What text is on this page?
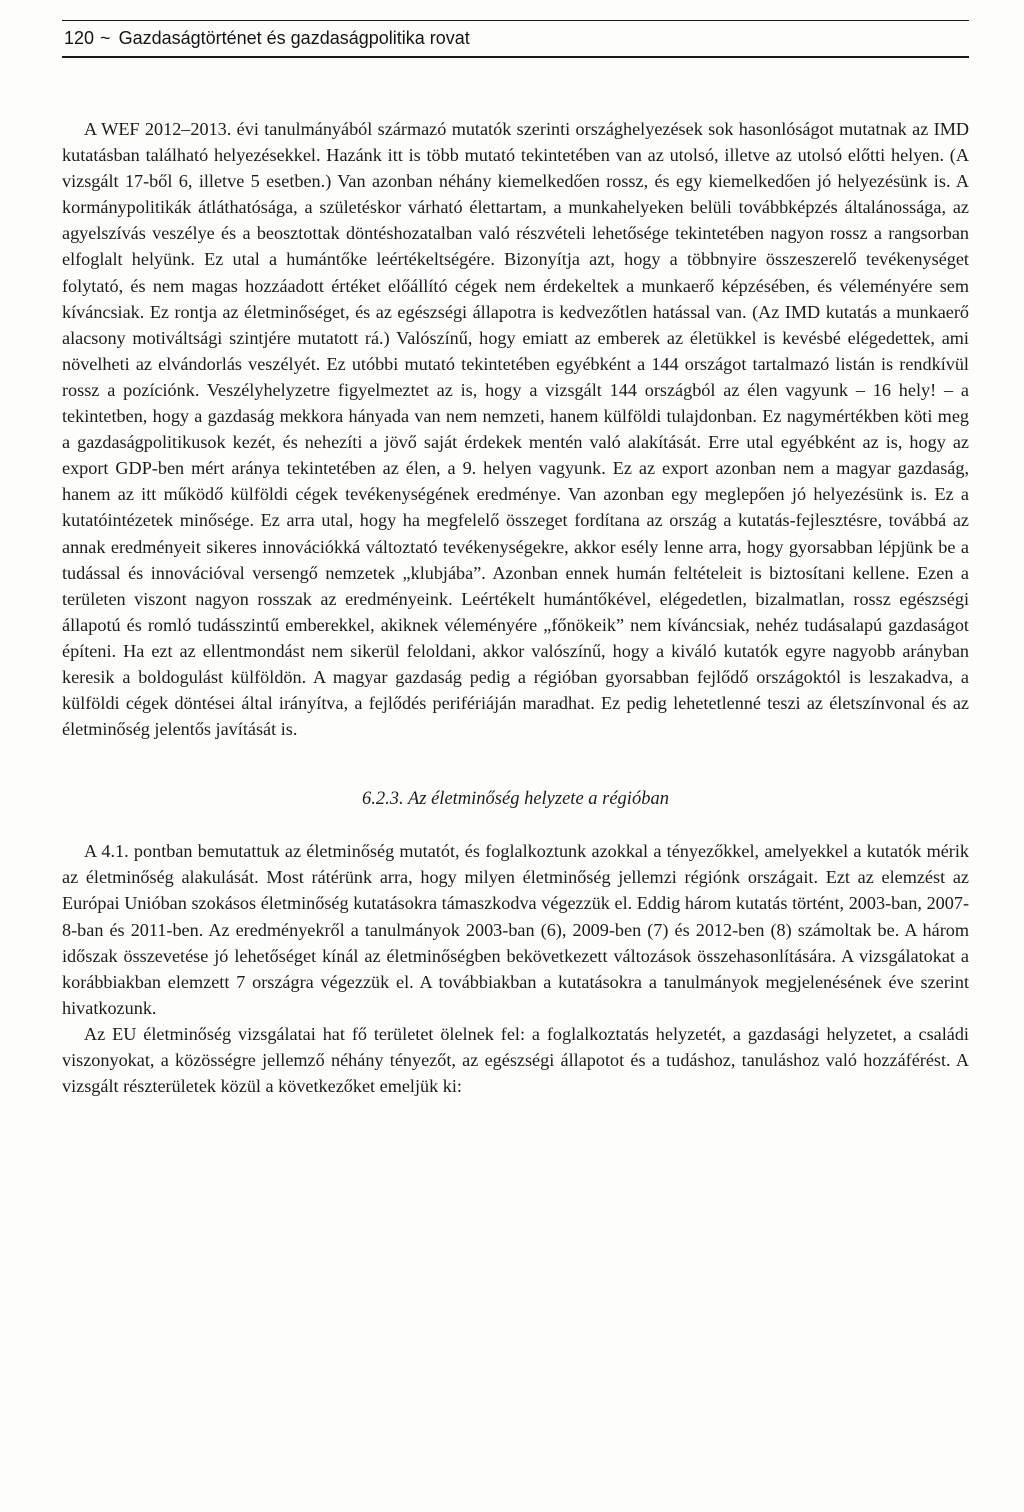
120 ~ Gazdaságtörténet és gazdaságpolitika rovat

A WEF 2012–2013. évi tanulmányából származó mutatók szerinti országhelyezések sok hasonlóságot mutatnak az IMD kutatásban található helyezésekkel. Hazánk itt is több mutató tekintetében van az utolsó, illetve az utolsó előtti helyen. (A vizsgált 17-ből 6, illetve 5 esetben.) Van azonban néhány kiemelkedően rossz, és egy kiemelkedően jó helyezésünk is. A kormánypolitikák átláthatósága, a születéskor várható élettartam, a munkahelyeken belüli továbbképzés általánossága, az agyelszívás veszélye és a beosztottak döntéshozatalban való részvételi lehetősége tekintetében nagyon rossz a rangsorban elfoglalt helyünk. Ez utal a humántőke leértékeltségére. Bizonyítja azt, hogy a többnyire összeszerelő tevékenységet folytató, és nem magas hozzáadott értéket előállító cégek nem érdekeltek a munkaerő képzésében, és véleményére sem kíváncsiak. Ez rontja az életminőséget, és az egészségi állapotra is kedvezőtlen hatással van. (Az IMD kutatás a munkaerő alacsony motiváltsági szintjére mutatott rá.) Valószínű, hogy emiatt az emberek az életükkel is kevésbé elégedettek, ami növelheti az elvándorlás veszélyét. Ez utóbbi mutató tekintetében egyébként a 144 országot tartalmazó listán is rendkívül rossz a pozíciónk. Veszélyhelyzetre figyelmeztet az is, hogy a vizsgált 144 országból az élen vagyunk – 16 hely! – a tekintetben, hogy a gazdaság mekkora hányada van nem nemzeti, hanem külföldi tulajdonban. Ez nagymértékben köti meg a gazdaságpolitikusok kezét, és nehezíti a jövő saját érdekek mentén való alakítását. Erre utal egyébként az is, hogy az export GDP-ben mért aránya tekintetében az élen, a 9. helyen vagyunk. Ez az export azonban nem a magyar gazdaság, hanem az itt működő külföldi cégek tevékenységének eredménye. Van azonban egy meglepően jó helyezésünk is. Ez a kutatóintézetek minősége. Ez arra utal, hogy ha megfelelő összeget fordítana az ország a kutatás-fejlesztésre, továbbá az annak eredményeit sikeres innovációkká változtató tevékenységekre, akkor esély lenne arra, hogy gyorsabban lépjünk be a tudással és innovációval versengő nemzetek „klubjába”. Azonban ennek humán feltételeit is biztosítani kellene. Ezen a területen viszont nagyon rosszak az eredményeink. Leértékelt humántőkével, elégedetlen, bizalmatlan, rossz egészségi állapotú és romló tudásszintű emberekkel, akiknek véleményére „főnökeik” nem kíváncsiak, nehéz tudásalapú gazdaságot építeni. Ha ezt az ellentmondást nem sikerül feloldani, akkor valószínű, hogy a kiváló kutatók egyre nagyobb arányban keresik a boldogulást külföldön. A magyar gazdaság pedig a régióban gyorsabban fejlődő országoktól is leszakadva, a külföldi cégek döntései által irányítva, a fejlődés perifériáján maradhat. Ez pedig lehetetlenné teszi az életszínvonal és az életminőség jelentős javítását is.

6.2.3. Az életminőség helyzete a régióban

A 4.1. pontban bemutattuk az életminőség mutatót, és foglalkoztunk azokkal a tényezőkkel, amelyekkel a kutatók mérik az életminőség alakulását. Most rátérünk arra, hogy milyen életminőség jellemzi régiónk országait. Ezt az elemzést az Európai Unióban szokásos életminőség kutatásokra támaszkodva végezzük el. Eddig három kutatás történt, 2003-ban, 2007-8-ban és 2011-ben. Az eredményekről a tanulmányok 2003-ban (6), 2009-ben (7) és 2012-ben (8) számoltak be. A három időszak összevetése jó lehetőséget kínál az életminőségben bekövetkezett változások összehasonlítására. A vizsgálatokat a korábbiakban elemzett 7 országra végezzük el. A továbbiakban a kutatásokra a tanulmányok megjelenésének éve szerint hivatkozunk.

Az EU életminőség vizsgálatai hat fő területet ölelnek fel: a foglalkoztatás helyzetét, a gazdasági helyzetet, a családi viszonyokat, a közösségre jellemző néhány tényezőt, az egészségi állapotot és a tudáshoz, tanuláshoz való hozzáférést. A vizsgált részterületek közül a következőket emeljük ki:
